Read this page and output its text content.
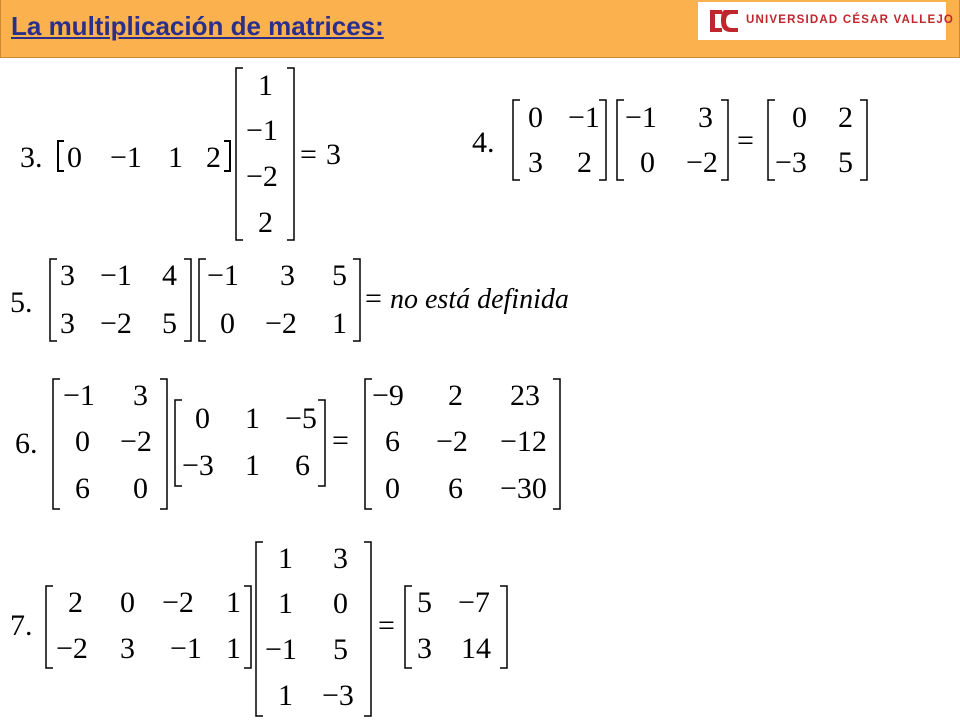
La multiplicación de matrices:	UNIVERSIDAD CÉSAR VALLEJO
3. 0 −1 1 2
1
−1
−2
2
= 3	4.
0 −1
3 2
−1 3
0 −2
=
0 2
−3 5
5.
3 −1 4
3 −2 5
−1 3 5
0 −2 1
= no está definida
6.
−1 3
0 −2
6 0
0 1 −5
−3 1 6
=
−9 2 23
6 −2 −12
0 6 −30
7.
2 0 −2 1
−2 3 −1 1
1 3
1 0
−1 5
1 −3
=
5 −7
3 14
